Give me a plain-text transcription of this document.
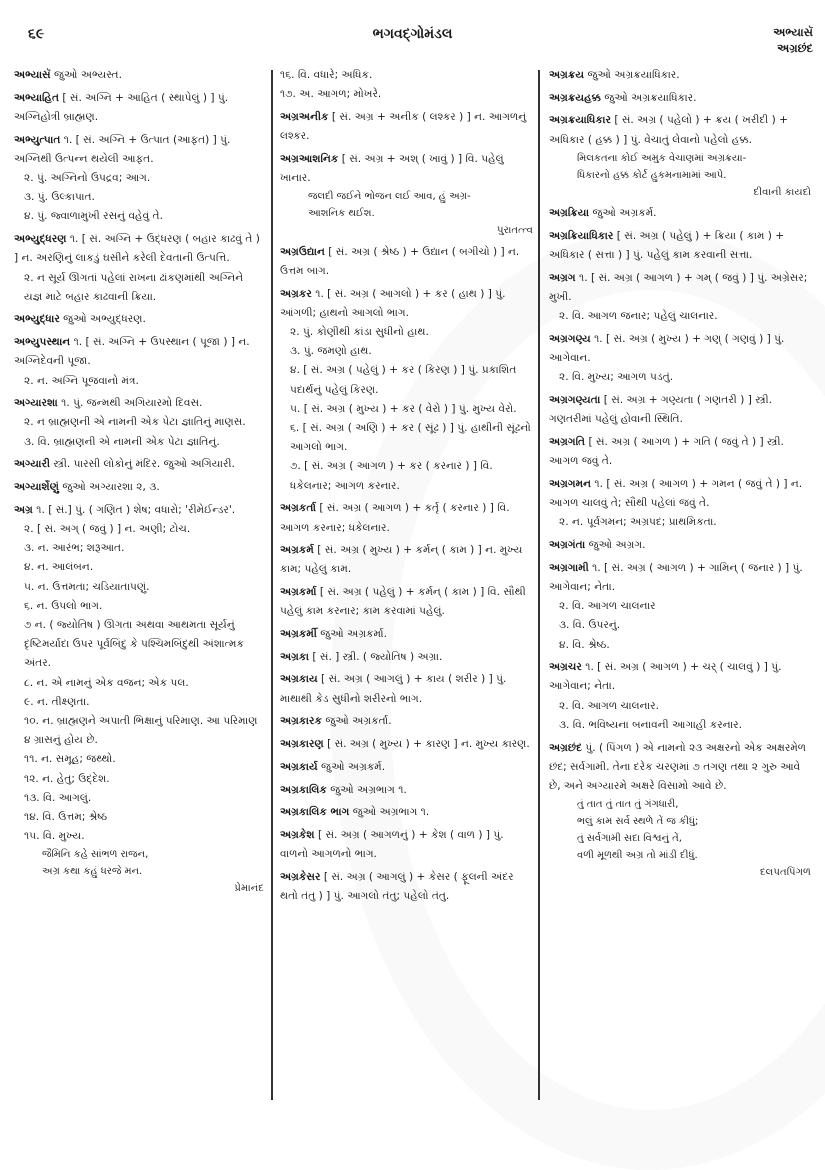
૬૯	ભગવદ્ગોમંડલ	અભ્યાસૅ
અગ્રછંદ
અભ્યાસૅ જુઓ અભ્યસ્ત.
અભ્યાહિત [ સં. અગ્નિ + આહિત ( સ્થાપેલું ) ] પું. અગ્નિહોત્રી બ્રાહ્મણ.
અભ્યુત્પાત ૧. [ સં. અગ્નિ + ઉત્પાત (આફત) ] પું. અગ્નિથી ઉત્પન્ન થયેલી આફત.
૨. પું. અગ્નિનો ઉપદ્રવ; આગ.
૩. પું. ઉલ્કાપાત.
૪. પું. જ્વાળામુખી રસનું વહેવું તે.
અભ્યુદ્ધરણ ૧. [ સં. અગ્નિ + ઉદ્ધરણ ( બહાર કાઢવું તે ) ] ન. અરણિનું લાકડું ઘસીને કરેલી દેવતાની ઉત્પત્તિ.
૨. ન સૂર્ય ઊગતાં પહેલાં રાખના ઢાંકણમાંથી અગ્નિને યજ્ઞ માટે બહાર કાઢવાની ક્રિયા.
અભ્યુદ્ધાર જુઓ અભ્યુદ્ધરણ.
અભ્યુપસ્થાન ૧. [ સં. અગ્નિ + ઉપસ્થાન ( પૂજા ) ] ન. અગ્નિદેવની પૂજા.
૨. ન. અગ્નિ પૂજવાનો મંત્ર.
અગ્યારશા ૧. પું. જન્મથી અગિયારમો દિવસ.
૨. ન બ્રાહ્મણની એ નામની એક પેટા જ્ઞાતિનું માણસ.
૩. વિ. બ્રાહ્મણની એ નામની એક પેટા જ્ઞાતિનું.
અગ્યારી સ્ત્રી. પારસી લોકોનું મંદિર. જુઓ અગિયારી.
અગ્યાર્શેણું જુઓ અગ્યારશા ૨, ૩.
અગ્ર ૧. [ સં.] પું. ( ગણિત ) શેષ; વધારો; 'રીમેઈન્ડર'.
૨. [ સં. અગ્ ( જવું ) ] ન. અણી; ટોચ.
૩. ન. આરંભ; શરૂઆત.
૪. ન. આલંબન.
૫. ન. ઉત્તમતા; ચડિયાતાપણું.
૬. ન. ઉપલો ભાગ.
૭ ન. ( જ્યોતિષ ) ઊગતા અથવા આથમતા સૂર્યનું દૃષ્ટિમર્યાદા ઉપર પૂર્વબિંદુ કે પશ્ચિમબિંદુથી અંશાત્મક અંતર.
૮. ન. એ નામનું એક વજન; એક પલ.
૯. ન. તીક્ષ્ણતા.
૧૦. ન. બ્રાહ્મણને અપાતી ભિક્ષાનું પરિમાણ. આ પરિમાણ ૪ ગ્રાસનું હોય છે.
૧૧. ન. સમૂહ; જથ્થો.
૧૨. ન. હેતુ; ઉદ્દેશ.
૧૩. વિ. આગલું.
૧૪. વિ. ઉત્તમ; શ્રેષ્ઠ
૧૫. વિ. મુખ્ય.
જૈમિનિ કહે સાંભળ રાજન,
અગ્ર કથા કહું ધરજે મન.
પ્રેમાનંદ
૧૬. વિ. વધારે; અધિક.
૧૭. અ. આગળ; મોખરે.
અગ્રઅનીક [ સં. અગ્ર + અનીક ( લશ્કર ) ] ન. આગળનું લશ્કર.
અગ્રઆશનિક [ સં. અગ્ર + અશ્ ( ખાવું ) ] વિ. પહેલું ખાનાર.
જલદી જઈને ભોજન લઈ આવ, હું અગ્ર-
આશનિક થઈશ.
પુરાતત્ત્વ
અગ્રઉદ્યાન [ સં. અગ્ર ( શ્રેષ્ઠ ) + ઉદ્યાન ( બગીચો ) ] ન. ઉત્તમ બાગ.
અગ્રકર ૧. [ સં. અગ્ર ( આગલો ) + કર ( હાથ ) ] પું. આંગળી; હાથનો આગલો ભાગ.
૨. પું. કોણીથી કાંડા સુધીનો હાથ.
૩. પું. જમણો હાથ.
૪. [ સં. અગ્ર ( પહેલું ) + કર ( કિરણ ) ] પું. પ્રકાશિત પદાર્થનું પહેલું કિરણ.
૫. [ સં. અગ્ર ( મુખ્ય ) + કર ( વેરો ) ] પું. મુખ્ય વેરો.
૬. [ સં. અગ્ર ( અણિ ) + કર ( સૂંઢ ) ] પું. હાથીની સૂંઢનો આગલો ભાગ.
૭. [ સં. અગ્ર ( આગળ ) + કર ( કરનાર ) ] વિ. ધકેલનાર; આગળ કરનાર.
અગ્રકર્તા [ સં. અગ્ર ( આગળ ) + કર્તૃ ( કરનાર ) ] વિ. આગળ કરનાર; ધકેલનાર.
અગ્રકર્મ [ સં. અગ્ર ( મુખ્ય ) + કર્મન્ ( કામ ) ] ન. મુખ્ય કામ; પહેલું કામ.
અગ્રકર્મા [ સં. અગ્ર ( પહેલું ) + કર્મન્ ( કામ ) ] વિ. સૌથી પહેલું કામ કરનાર; કામ કરવામાં પહેલું.
અગ્રકર્મી જુઓ અગ્રકર્મા.
અગ્રકા [ સં. ] સ્ત્રી. ( જ્યોતિષ ) અગ્રા.
અગ્રકાય [ સં. અગ્ર ( આગલું ) + કાય ( શરીર ) ] પું. માથાથી કેડ સુધીનો શરીરનો ભાગ.
અગ્રકારક જુઓ અગ્રકર્તા.
અગ્રકારણ [ સં. અગ્ર ( મુખ્ય ) + કારણ ] ન. મુખ્ય કારણ.
અગ્રકાર્ય જુઓ અગ્રકર્મ.
અગ્રકાલિક જુઓ અગ્રભાગ ૧.
અગ્રકાલિક ભાગ જુઓ અગ્રભાગ ૧.
અગ્રકેશ [ સં. અગ્ર ( આગળનું ) + કેશ ( વાળ ) ] પું. વાળનો આગળનો ભાગ.
અગ્રકેસર [ સં. અગ્ર ( આગલું ) + કેસર ( ફૂલની અંદર થતો તંતુ ) ] પું. આગલો તંતુ; પહેલો તંતુ.
અગ્રક્રય જુઓ અગ્રક્રયાધિકાર.
અગ્રક્રયહક્ક જુઓ અગ્રક્રયાધિકાર.
અગ્રક્રયાધિકાર [ સં. અગ્ર ( પહેલો ) + ક્રય ( ખરીદી ) + અધિકાર ( હક્ક ) ] પું. વેચાતું લેવાનો પહેલો હક્ક.
મિલકતના કોઈ અમુક વેચાણમાં અગ્રક્રયા-
ધિકારનો હક્ક કોર્ટ હુકમનામામાં આપે.
દીવાની કાયદો
અગ્રક્રિયા જુઓ અગ્રકર્મ.
અગ્રક્રિયાધિકાર [ સં. અગ્ર ( પહેલું ) + ક્રિયા ( કામ ) + અધિકાર ( સત્તા ) ] પું. પહેલું કામ કરવાની સત્તા.
અગ્રગ ૧. [ સં. અગ્ર ( આગળ ) + ગમ્ ( જવું ) ] પું. અગ્રેસર; મુખી.
૨. વિ. આગળ જનાર; પહેલું ચાલનાર.
અગ્રગણ્ય ૧. [ સં. અગ્ર ( મુખ્ય ) + ગણ્ ( ગણવું ) ] પું. આગેવાન.
૨. વિ. મુખ્ય; આગળ પડતું.
અગ્રગણ્યતા [ સં. અગ્ર + ગણ્યતા ( ગણતરી ) ] સ્ત્રી. ગણતરીમાં પહેલું હોવાની સ્થિતિ.
અગ્રગતિ [ સં. અગ્ર ( આગળ ) + ગતિ ( જવું તે ) ] સ્ત્રી. આગળ જવું તે.
અગ્રગમન ૧. [ સં. અગ્ર ( આગળ ) + ગમન ( જવું તે ) ] ન. આગળ ચાલવું તે; સૌથી પહેલાં જવું તે.
૨. ન. પૂર્વગમન; અગ્રપદ; પ્રાથમિકતા.
અગ્રગંતા જુઓ અગ્રગ.
અગ્રગામી ૧. [ સં. અગ્ર ( આગળ ) + ગામિન્ ( જનાર ) ] પું. આગેવાન; નેતા.
૨. વિ. આગળ ચાલનાર
૩. વિ. ઉપરનું.
૪. વિ. શ્રેષ્ઠ.
અગ્રચર ૧. [ સં. અગ્ર ( આગળ ) + ચર્ ( ચાલવું ) ] પું. આગેવાન; નેતા.
૨. વિ. આગળ ચાલનાર.
૩. વિ. ભવિષ્યના બનાવની આગાહી કરનાર.
અગ્રછંદ પું. ( પિંગળ ) એ નામનો ૨૩ અક્ષરનો એક અક્ષરમેળ છંદ; સર્વગામી. તેના દરેક ચરણમાં ૭ તગણ તથા ૨ ગુરુ આવે છે, અને અગ્યારમે અક્ષરે વિસામો આવે છે.
તું તાત તું તાત તું ગંગધારી,
ભલું કામ સર્વ સ્થળે તેં જ કીધું;
તું સર્વગામી સદા વિશ્વનું તેં,
વળી મૂળથી અગ્ર તો માંડી દીધું.
દલપતપિંગળ
